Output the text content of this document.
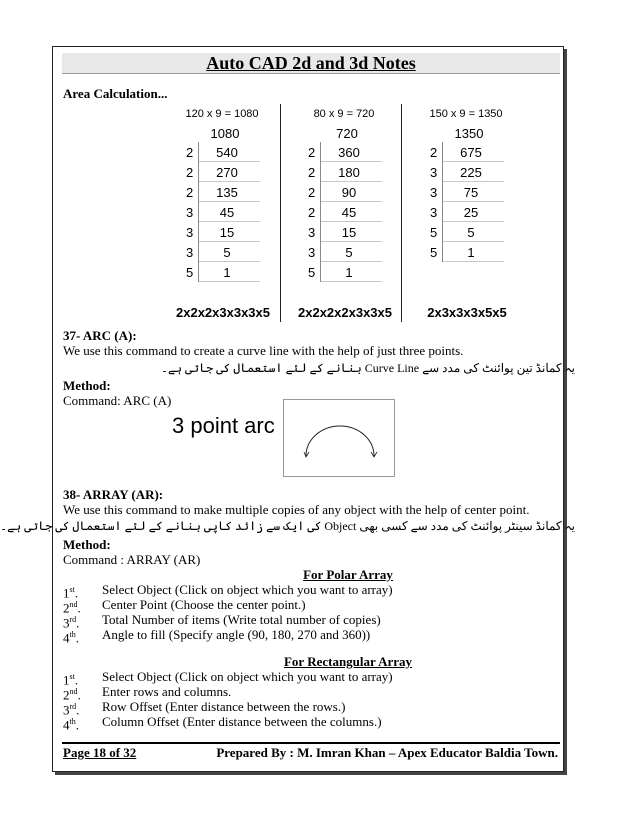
Auto CAD 2d and 3d Notes
Area Calculation...
120 x 9 = 1080
1080
2	540
2	270
2	135
3	45
3	15
3	5
5	1
2x2x2x3x3x3x5
80 x 9 = 720
720
2	360
2	180
2	90
2	45
3	15
3	5
5	1
2x2x2x2x3x3x5
150 x 9 = 1350
1350
2	675
3	225
3	75
3	25
5	5
5	1
2x3x3x3x5x5
37- ARC (A):
We use this command to create a curve line with the help of just three points.
یہ کمانڈ تین پوائنٹ کی مدد سے Curve Line بنانے کے لئے استعمال کی جاتی ہے۔
Method:
Command: ARC (A)
3 point arc
38- ARRAY (AR):
We use this command to make multiple copies of any object with the help of center point.
یہ کمانڈ سینٹر پوائنٹ کی مدد سے کسی بھی Object کی ایک سے زائد کاپی بنانے کے لئے استعمال کی جاتی ہے۔
Method:
Command : ARRAY (AR)
For Polar Array
1st. Select Object (Click on object which you want to array)
2nd. Center Point (Choose the center point.)
3rd. Total Number of items (Write total number of copies)
4th. Angle to fill (Specify angle (90, 180, 270 and 360))
For Rectangular Array
1st. Select Object (Click on object which you want to array)
2nd. Enter rows and columns.
3rd. Row Offset (Enter distance between the rows.)
4th. Column Offset (Enter distance between the columns.)
Page 18 of 32	Prepared By : M. Imran Khan – Apex Educator Baldia Town.
